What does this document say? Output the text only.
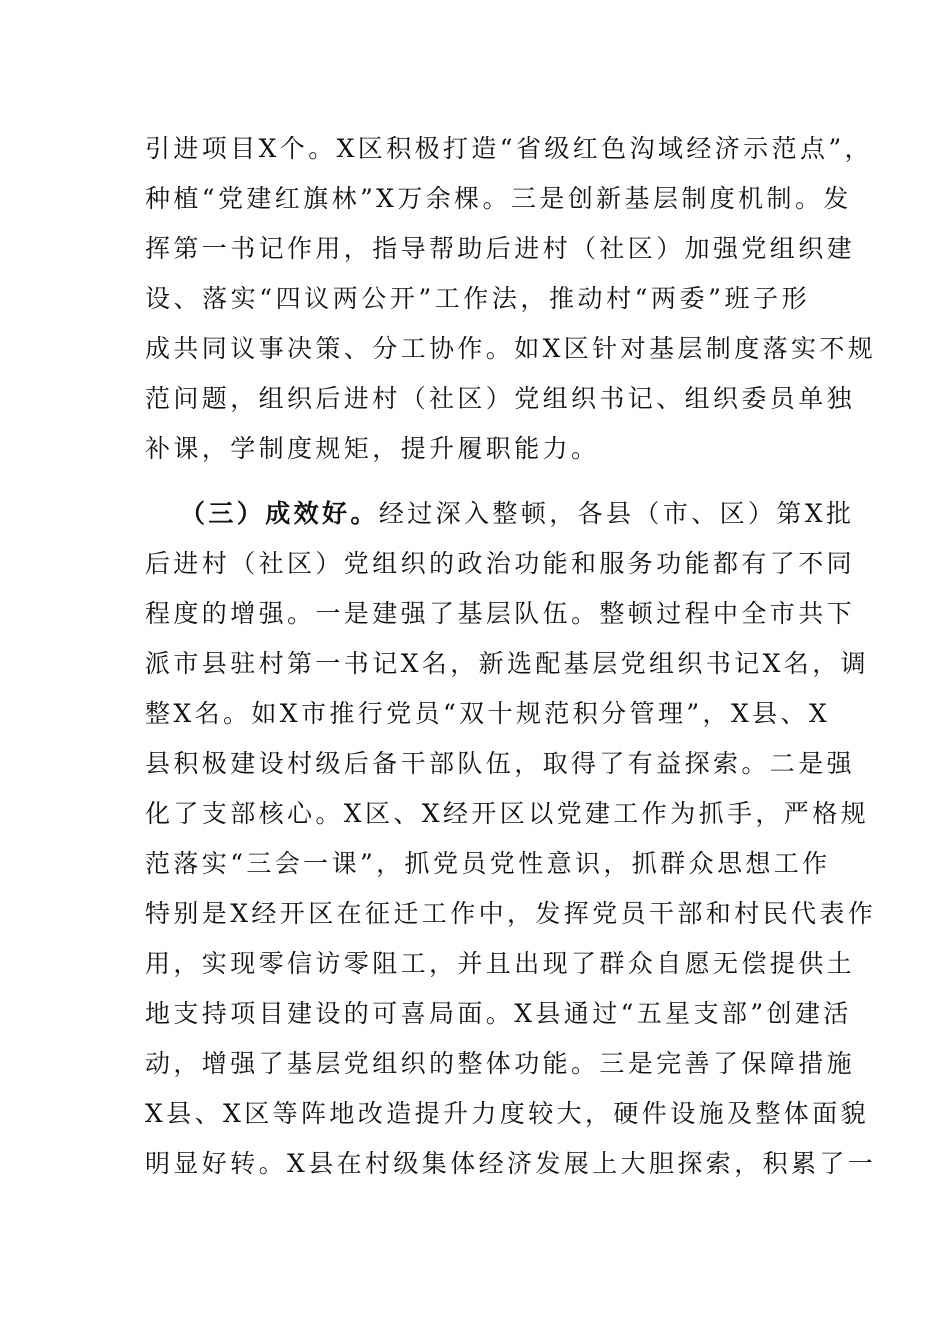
引进项目X个。X区积极打造“省级红色沟域经济示范点”，
种植“党建红旗林”X万余棵。三是创新基层制度机制。发
挥第一书记作用，指导帮助后进村（社区）加强党组织建
设、落实“四议两公开”工作法，推动村“两委”班子形
成共同议事决策、分工协作。如X区针对基层制度落实不规
范问题，组织后进村（社区）党组织书记、组织委员单独
补课，学制度规矩，提升履职能力。
（三）成效好。经过深入整顿，各县（市、区）第X批
后进村（社区）党组织的政治功能和服务功能都有了不同
程度的增强。一是建强了基层队伍。整顿过程中全市共下
派市县驻村第一书记X名，新选配基层党组织书记X名，调
整X名。如X市推行党员“双十规范积分管理”，X县、X
县积极建设村级后备干部队伍，取得了有益探索。二是强
化了支部核心。X区、X经开区以党建工作为抓手，严格规
范落实“三会一课”，抓党员党性意识，抓群众思想工作
特别是X经开区在征迁工作中，发挥党员干部和村民代表作
用，实现零信访零阻工，并且出现了群众自愿无偿提供土
地支持项目建设的可喜局面。X县通过“五星支部”创建活
动，增强了基层党组织的整体功能。三是完善了保障措施
X县、X区等阵地改造提升力度较大，硬件设施及整体面貌
明显好转。X县在村级集体经济发展上大胆探索，积累了一
